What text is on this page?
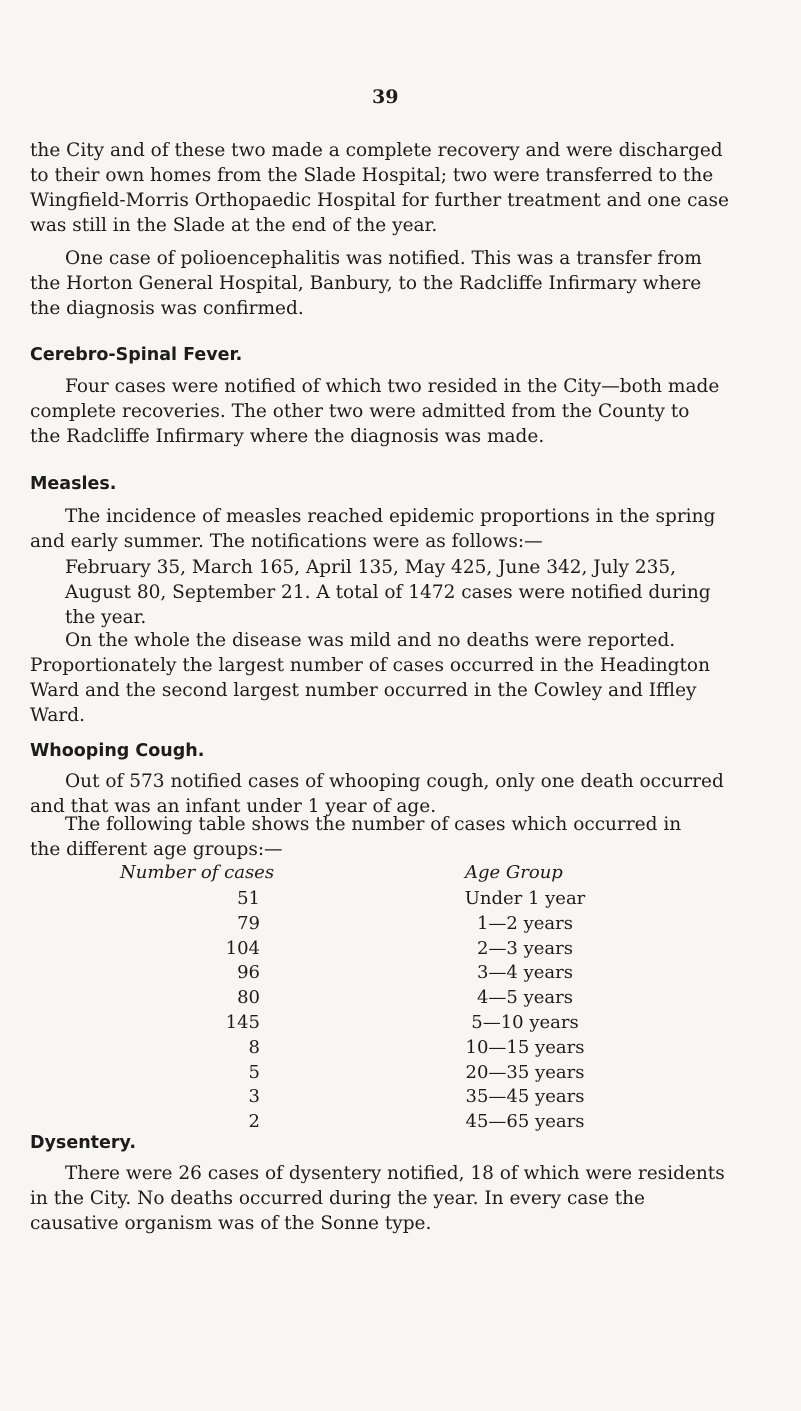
39

the City and of these two made a complete recovery and were discharged

to their own homes from the Slade Hospital; two were transferred to the

Wingfield-Morris Orthopaedic Hospital for further treatment and one case

was still in the Slade at the end of the year.

One case of polioencephalitis was notified. This was a transfer from

the Horton General Hospital, Banbury, to the Radcliffe Infirmary where

the diagnosis was confirmed.

Cerebro-Spinal Fever.

Four cases were notified of which two resided in the City—both made

complete recoveries. The other two were admitted from the County to

the Radcliffe Infirmary where the diagnosis was made.

Measles.

The incidence of measles reached epidemic proportions in the spring

and early summer. The notifications were as follows:—

February 35, March 165, April 135, May 425, June 342, July 235,

August 80, September 21. A total of 1472 cases were notified during

the year.

On the whole the disease was mild and no deaths were reported.

Proportionately the largest number of cases occurred in the Headington

Ward and the second largest number occurred in the Cowley and Iffley

Ward.

Whooping Cough.

Out of 573 notified cases of whooping cough, only one death occurred

and that was an infant under 1 year of age.

The following table shows the number of cases which occurred in

the different age groups:—

Number of cases	Age Group
51
79
104
96
80
145
8
5
3
2
Under 1 year
1—2 years
2—3 years
3—4 years
4—5 years
5—10 years
10—15 years
20—35 years
35—45 years
45—65 years
Dysentery.

There were 26 cases of dysentery notified, 18 of which were residents

in the City. No deaths occurred during the year. In every case the

causative organism was of the Sonne type.
